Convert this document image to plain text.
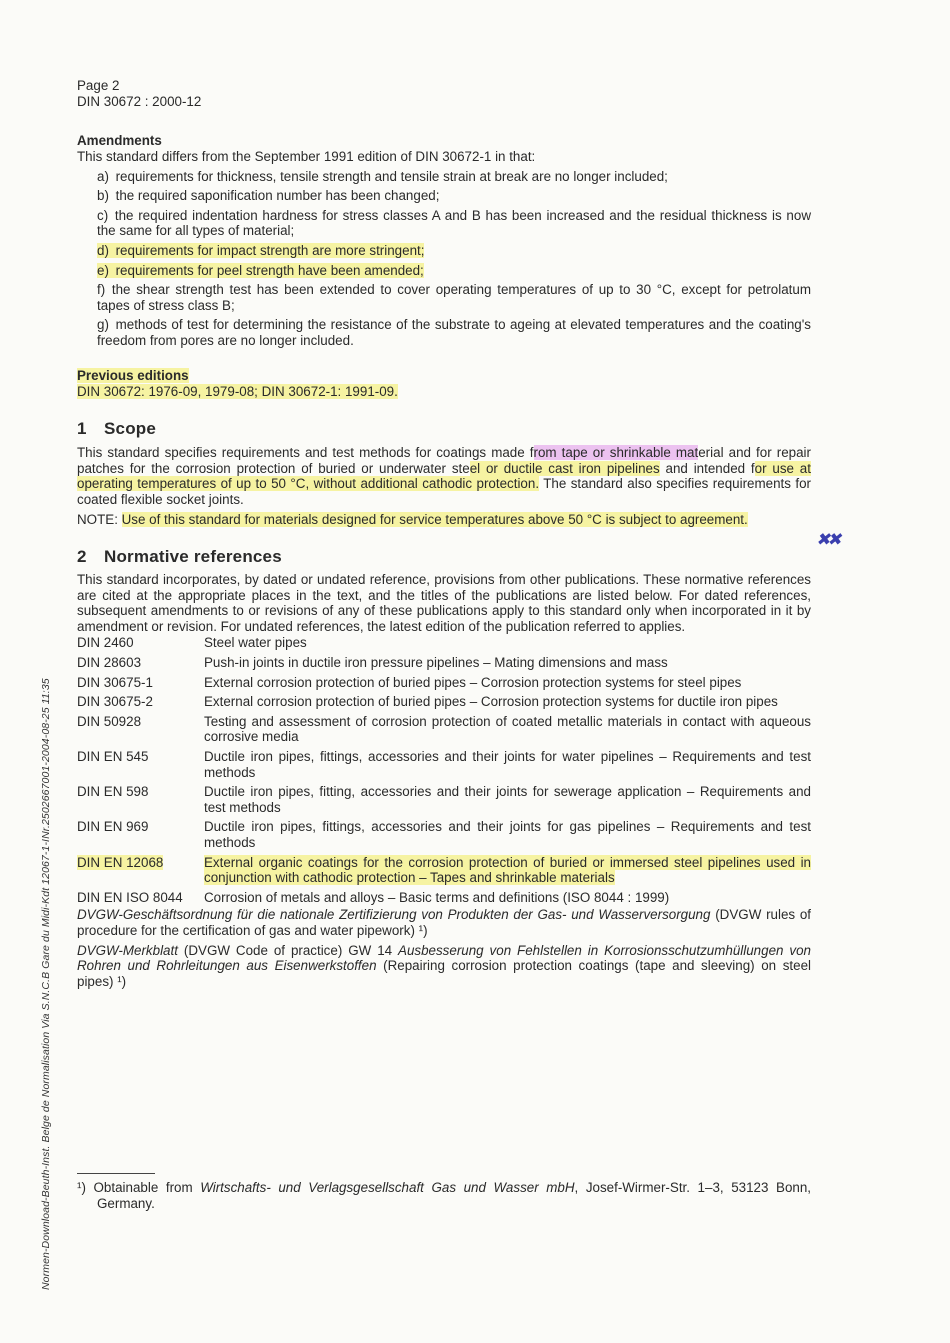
Normen-Download-Beuth-Inst. Belge de Normalisation Via S.N.C.B Gare du Midi-Kdt 12067-1-INr.2502667001-2004-08-25 11:35
✖✖
Page 2
DIN 30672 : 2000-12
Amendments

This standard differs from the September 1991 edition of DIN 30672-1 in that:

a) requirements for thickness, tensile strength and tensile strain at break are no longer included;
b) the required saponification number has been changed;
c) the required indentation hardness for stress classes A and B has been increased and the residual thickness is now the same for all types of material;
d) requirements for impact strength are more stringent;
e) requirements for peel strength have been amended;
f) the shear strength test has been extended to cover operating temperatures of up to 30 °C, except for petrolatum tapes of stress class B;
g) methods of test for determining the resistance of the substrate to ageing at elevated temperatures and the coating's freedom from pores are no longer included.
Previous editions

DIN 30672: 1976-09, 1979-08; DIN 30672-1: 1991-09.

1 Scope

This standard specifies requirements and test methods for coatings made from tape or shrinkable material and for repair patches for the corrosion protection of buried or underwater steel or ductile cast iron pipelines and intended for use at operating temperatures of up to 50 °C, without additional cathodic protection. The standard also specifies requirements for coated flexible socket joints.

NOTE: Use of this standard for materials designed for service temperatures above 50 °C is subject to agreement.

2 Normative references

This standard incorporates, by dated or undated reference, provisions from other publications. These normative references are cited at the appropriate places in the text, and the titles of the publications are listed below. For dated references, subsequent amendments to or revisions of any of these publications apply to this standard only when incorporated in it by amendment or revision. For undated references, the latest edition of the publication referred to applies.

DIN 2460	Steel water pipes
DIN 28603	Push-in joints in ductile iron pressure pipelines – Mating dimensions and mass
DIN 30675-1	External corrosion protection of buried pipes – Corrosion protection systems for steel pipes
DIN 30675-2	External corrosion protection of buried pipes – Corrosion protection systems for ductile iron pipes
DIN 50928	Testing and assessment of corrosion protection of coated metallic materials in contact with aqueous corrosive media
DIN EN 545	Ductile iron pipes, fittings, accessories and their joints for water pipelines – Requirements and test methods
DIN EN 598	Ductile iron pipes, fitting, accessories and their joints for sewerage application – Requirements and test methods
DIN EN 969	Ductile iron pipes, fittings, accessories and their joints for gas pipelines – Requirements and test methods
DIN EN 12068	External organic coatings for the corrosion protection of buried or immersed steel pipelines used in conjunction with cathodic protection – Tapes and shrinkable materials
DIN EN ISO 8044	Corrosion of metals and alloys – Basic terms and definitions (ISO 8044 : 1999)

DVGW-Geschäftsordnung für die nationale Zertifizierung von Produkten der Gas- und Wasserversorgung (DVGW rules of procedure for the certification of gas and water pipework) ¹)

DVGW-Merkblatt (DVGW Code of practice) GW 14 Ausbesserung von Fehlstellen in Korrosionsschutzumhüllungen von Rohren und Rohrleitungen aus Eisenwerkstoffen (Repairing corrosion protection coatings (tape and sleeving) on steel pipes) ¹)

¹) Obtainable from Wirtschafts- und Verlagsgesellschaft Gas und Wasser mbH, Josef-Wirmer-Str. 1–3, 53123 Bonn, Germany.
